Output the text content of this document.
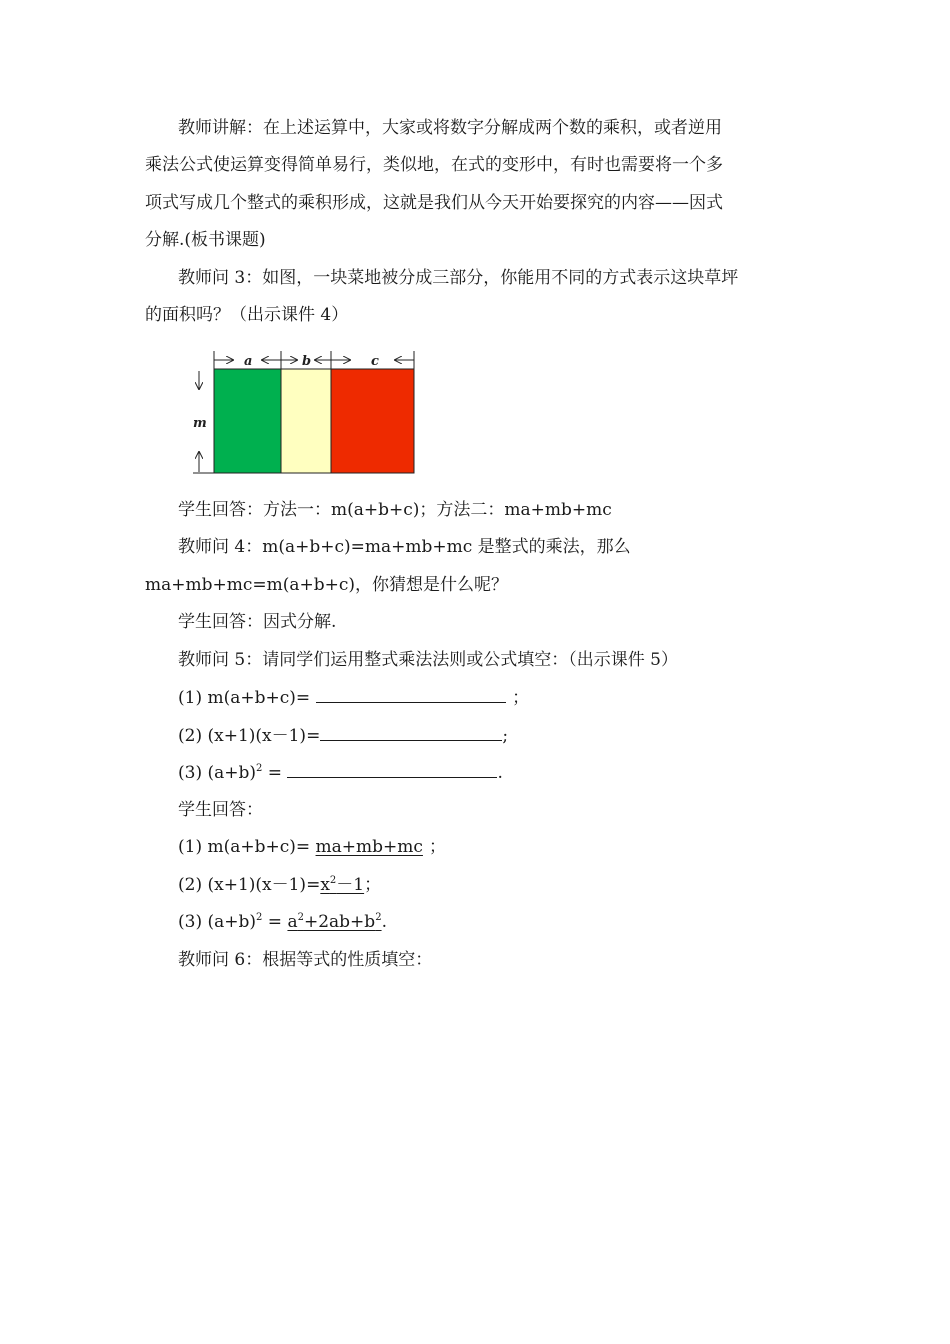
教师讲解：在上述运算中，大家或将数字分解成两个数的乘积，或者逆用
乘法公式使运算变得简单易行，类似地，在式的变形中，有时也需要将一个多
项式写成几个整式的乘积形成，这就是我们从今天开始要探究的内容——因式
分解.(板书课题)
教师问 3：如图，一块菜地被分成三部分，你能用不同的方式表示这块草坪
的面积吗？（出示课件 4）
a	b	c
m
学生回答：方法一：m(a+b+c)；方法二：ma+mb+mc
教师问 4：m(a+b+c)=ma+mb+mc 是整式的乘法，那么
ma+mb+mc=m(a+b+c)，你猜想是什么呢？
学生回答：因式分解.
教师问 5：请同学们运用整式乘法法则或公式填空：（出示课件 5）
(1) m(a+b+c)=	；
(2) (x+1)(x－1)=	;
(3) $(a+b)^2$ =	.
学生回答：
(1) m(a+b+c)= ma+mb+mc ；
(2) $(x+1)(x-1)=x^2-1$；
(3) $(a+b)^2 = a^2+2ab+b^2$.
教师问 6：根据等式的性质填空：
